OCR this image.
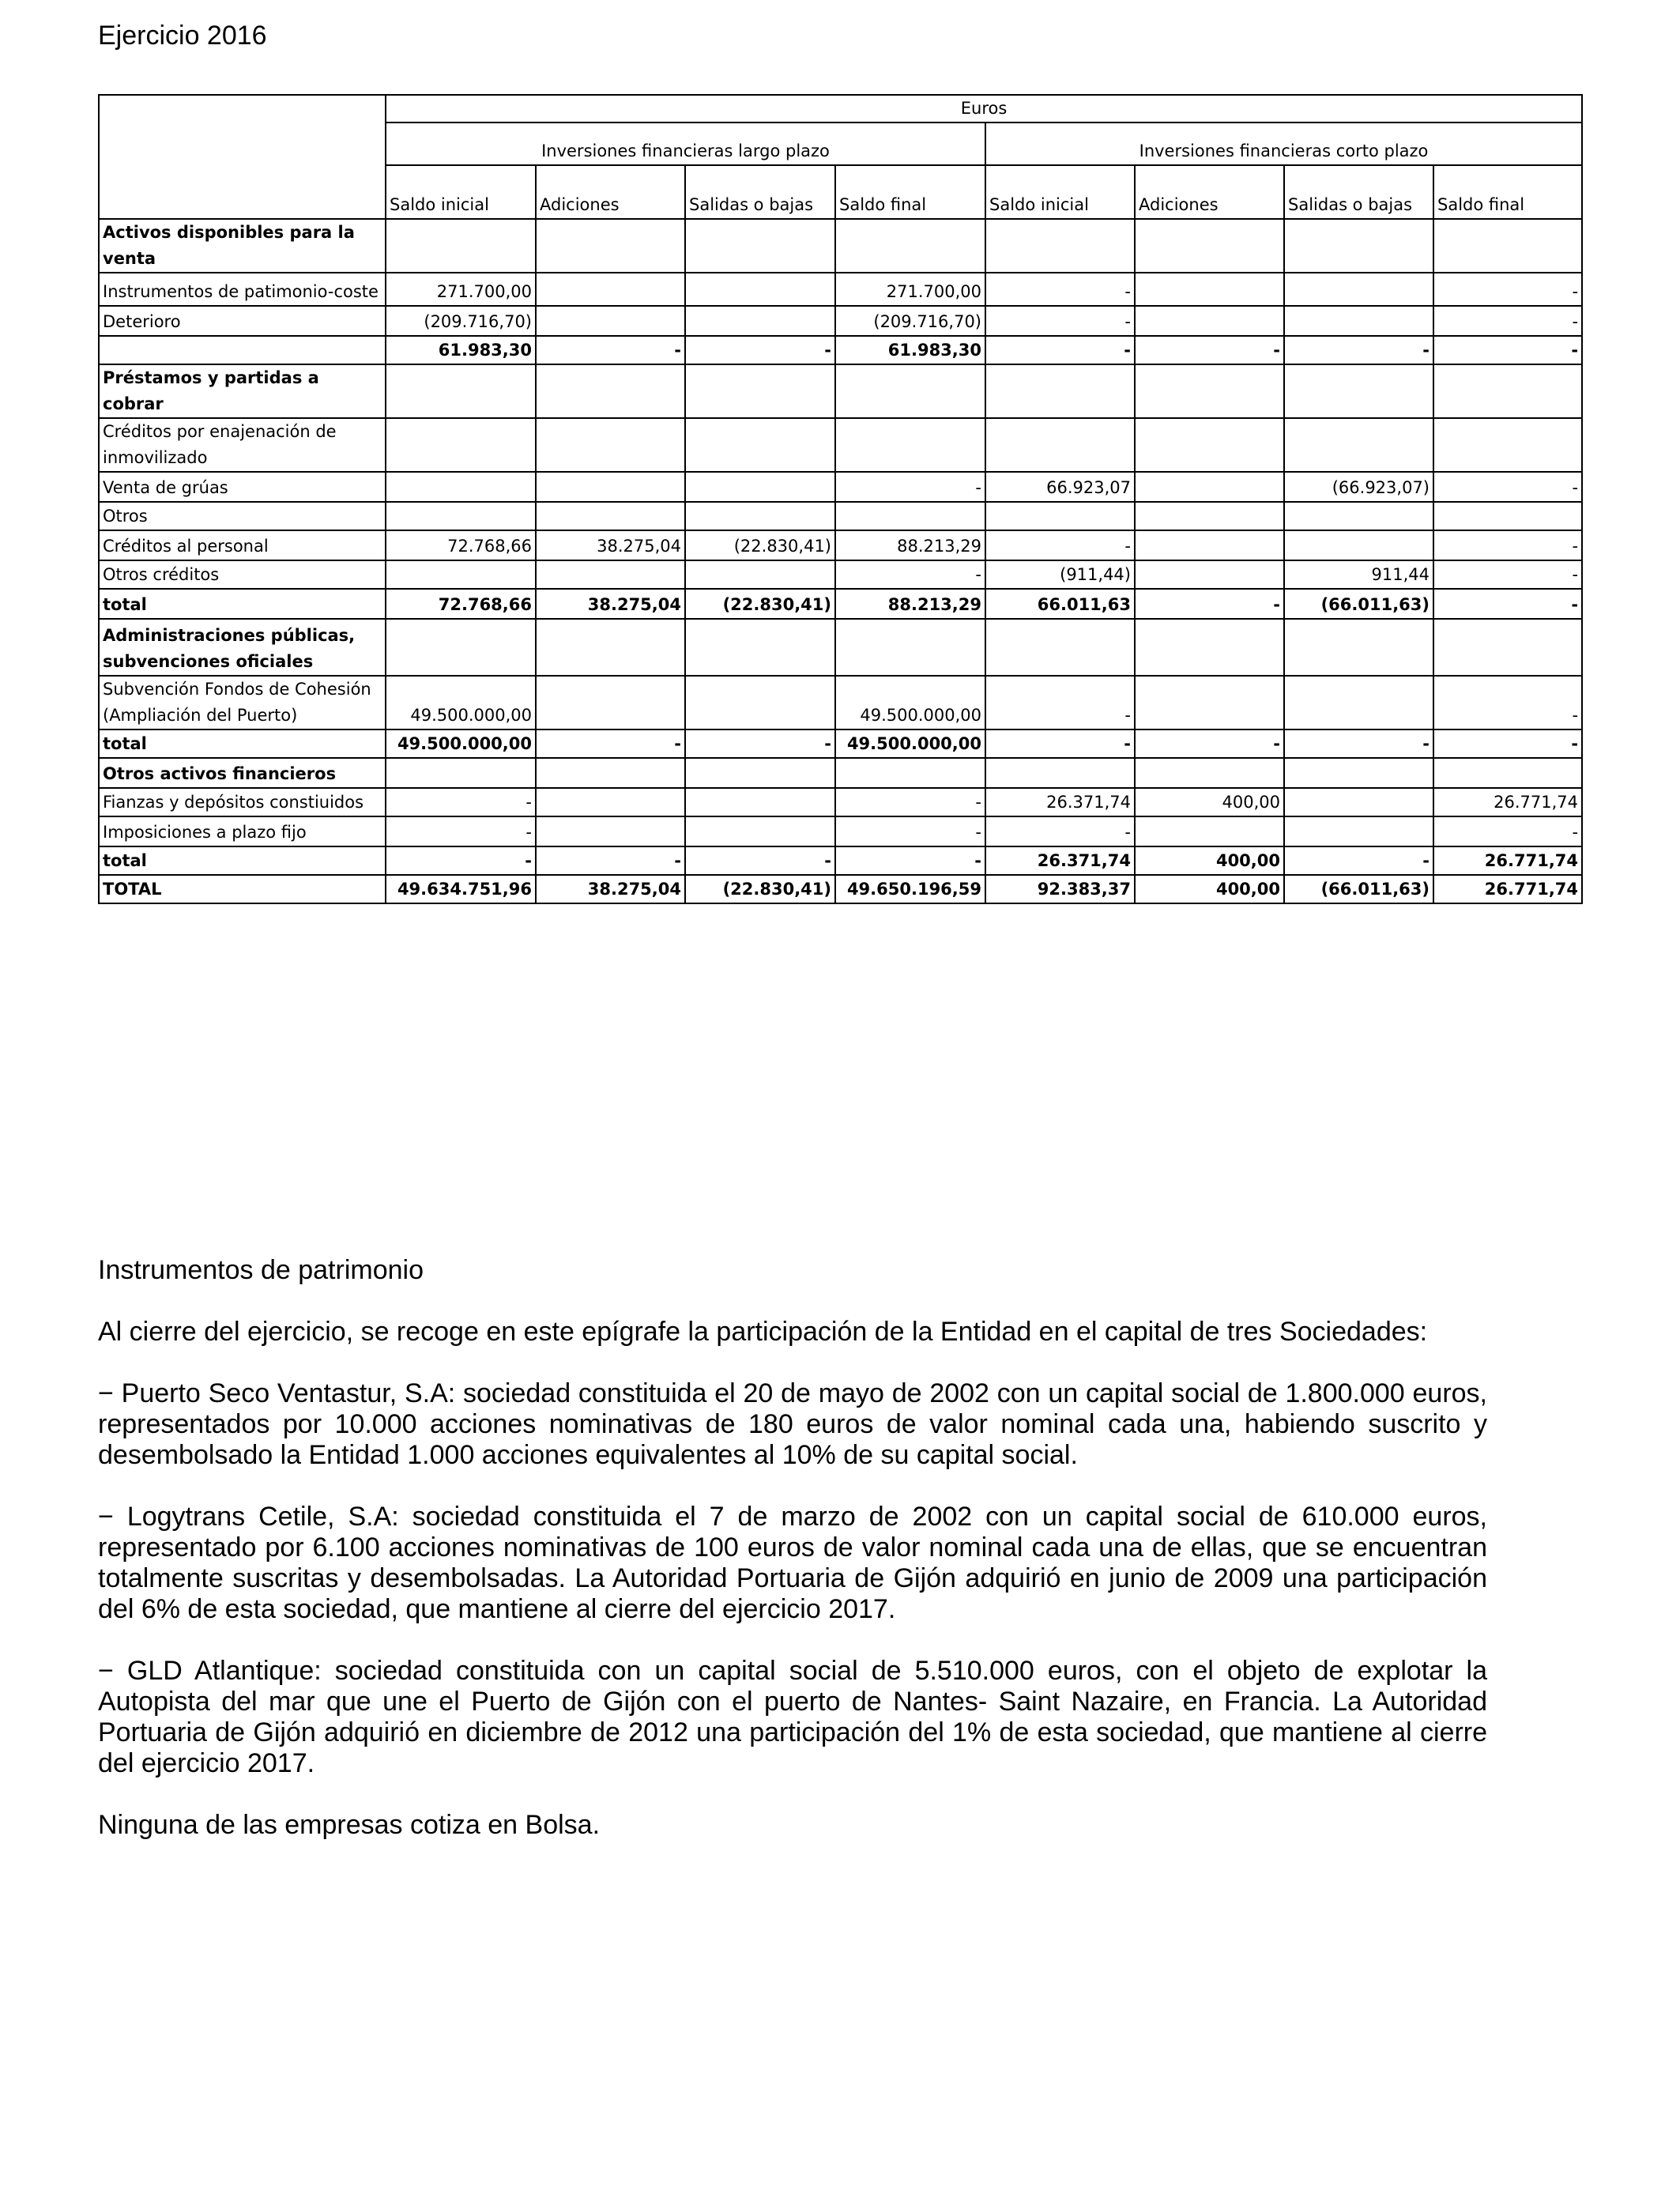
Ejercicio 2016
	Euros							
	Inversiones financieras largo plazo				Inversiones financieras corto plazo			
	Saldo inicial	Adiciones	Salidas o bajas	Saldo final	Saldo inicial	Adiciones	Salidas o bajas	Saldo final
Activos disponibles para la venta								
Instrumentos de patimonio-coste	271.700,00			271.700,00	-			-
Deterioro	(209.716,70)			(209.716,70)	-			-
	61.983,30	-	-	61.983,30	-	-	-	-
Préstamos y partidas a cobrar								
Créditos por enajenación de inmovilizado								
Venta de grúas				-	66.923,07		(66.923,07)	-
Otros								
Créditos al personal	72.768,66	38.275,04	(22.830,41)	88.213,29	-			-
Otros créditos				-	(911,44)		911,44	-
total	72.768,66	38.275,04	(22.830,41)	88.213,29	66.011,63	-	(66.011,63)	-
Administraciones públicas, subvenciones oficiales								
Subvención Fondos de Cohesión (Ampliación del Puerto)	49.500.000,00			49.500.000,00	-			-
total	49.500.000,00	-	-	49.500.000,00	-	-	-	-
Otros activos financieros								
Fianzas y depósitos constiuidos	-			-	26.371,74	400,00		26.771,74
Imposiciones a plazo fijo	-			-	-			-
total	-	-	-	-	26.371,74	400,00	-	26.771,74
TOTAL	49.634.751,96	38.275,04	(22.830,41)	49.650.196,59	92.383,37	400,00	(66.011,63)	26.771,74

Instrumentos de patrimonio

Al cierre del ejercicio, se recoge en este epígrafe la participación de la Entidad en el capital de tres Sociedades:

− Puerto Seco Ventastur, S.A: sociedad constituida el 20 de mayo de 2002 con un capital social de 1.800.000 euros, representados por 10.000 acciones nominativas de 180 euros de valor nominal cada una, habiendo suscrito y desembolsado la Entidad 1.000 acciones equivalentes al 10% de su capital social.

− Logytrans Cetile, S.A: sociedad constituida el 7 de marzo de 2002 con un capital social de 610.000 euros, representado por 6.100 acciones nominativas de 100 euros de valor nominal cada una de ellas, que se encuentran totalmente suscritas y desembolsadas. La Autoridad Portuaria de Gijón adquirió en junio de 2009 una participación del 6% de esta sociedad, que mantiene al cierre del ejercicio 2017.

− GLD Atlantique: sociedad constituida con un capital social de 5.510.000 euros, con el objeto de explotar la Autopista del mar que une el Puerto de Gijón con el puerto de Nantes- Saint Nazaire, en Francia. La Autoridad Portuaria de Gijón adquirió en diciembre de 2012 una participación del 1% de esta sociedad, que mantiene al cierre del ejercicio 2017.

Ninguna de las empresas cotiza en Bolsa.
